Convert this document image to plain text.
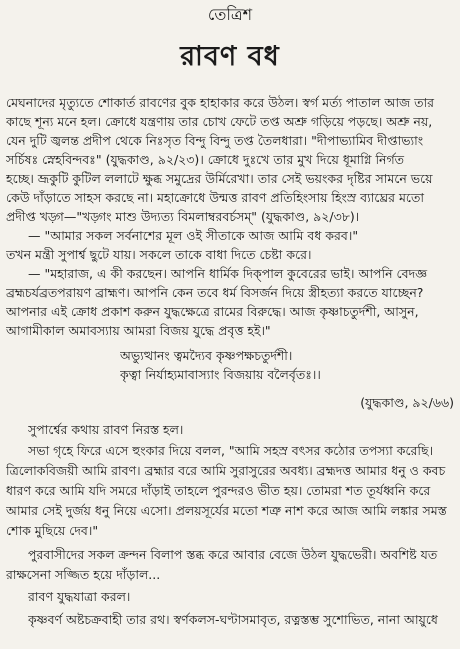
তেত্রিশ
রাবণ বধ
মেঘনাদের মৃত্যুতে শোকার্ত রাবণের বুক হাহাকার করে উঠল। স্বর্গ মর্ত্য পাতাল আজ তার
কাছে শূন্য মনে হল। ক্রোধে যন্ত্রণায় তার চোখ ফেটে তপ্ত অশ্রু গড়িয়ে পড়ছে। অশ্রু নয়,
যেন দুটি জ্বলন্ত প্রদীপ থেকে নিঃসৃত বিন্দু বিন্দু তপ্ত তৈলধারা। "দীপাভ্যামিব দীপ্তাভ্যাং
সর্চিষঃ স্নেহবিন্দবঃ" (যুদ্ধকাণ্ড, ৯২/২৩)। ক্রোধে দুঃখে তার মুখ দিয়ে ধূমাগ্নি নির্গত
হচ্ছে। ভ্রূকুটি কুটিল ললাটে ক্ষুব্ধ সমুদ্রের উর্মিরেখা। তার সেই ভয়ংকর দৃষ্টির সামনে ভয়ে
কেউ দাঁড়াতে সাহস করছে না। মহাক্রোধে উন্মত্ত রাবণ প্রতিহিংসায় হিংস্র ব্যাঘ্রের মতো
প্রদীপ্ত খড়্গ—"খড়্গং মাশু উদ্যত্য বিমলাম্বরবর্চসম্" (যুদ্ধকাণ্ড, ৯২/৩৮)।
— "আমার সকল সর্বনাশের মূল ওই সীতাকে আজ আমি বধ করব।"
তখন মন্ত্রী সুপার্শ্ব ছুটে যায়। সকলে তাকে বাধা দিতে চেষ্টা করে।
— "মহারাজ, এ কী করছেন। আপনি ধার্মিক দিক্‌পাল কুবেরের ভাই। আপনি বেদজ্ঞ
ব্রহ্মচর্যব্রতপরায়ণ ব্রাহ্মণ। আপনি কেন তবে ধর্ম বিসর্জন দিয়ে স্ত্রীহত্যা করতে যাচ্ছেন?
আপনার এই ক্রোধ প্রকাশ করুন যুদ্ধক্ষেত্রে রামের বিরুদ্ধে। আজ কৃষ্ণাচতুর্দশী, আসুন,
আগামীকাল অমাবস্যায় আমরা বিজয় যুদ্ধে প্রবৃত্ত হই।"
অভ্যুত্থানং ত্বমদ্যৈব কৃষ্ণপক্ষচতুর্দশী।
কৃত্বা নির্যাহ্যমাবাস্যাং বিজয়ায় বলৈর্বৃতঃ।।
(যুদ্ধকাণ্ড, ৯২/৬৬)
সুপার্শ্বের কথায় রাবণ নিরস্ত হল।
সভা গৃহে ফিরে এসে হুংকার দিয়ে বলল, "আমি সহস্র বৎসর কঠোর তপস্যা করেছি।
ত্রিলোকবিজয়ী আমি রাবণ। ব্রহ্মার বরে আমি সুরাসুরের অবধ্য। ব্রহ্মদত্ত আমার ধনু ও কবচ
ধারণ করে আমি যদি সমরে দাঁড়াই তাহলে পুরন্দরও ভীত হয়। তোমরা শত তূর্যধ্বনি করে
আমার সেই দুর্জয় ধনু নিয়ে এসো। প্রলয়সূর্যের মতো শত্রু নাশ করে আজ আমি লঙ্কার সমস্ত
শোক মুছিয়ে দেব।"
পুরবাসীদের সকল ক্রন্দন বিলাপ স্তব্ধ করে আবার বেজে উঠল যুদ্ধভেরী। অবশিষ্ট যত
রাক্ষসেনা সজ্জিত হয়ে দাঁড়াল...
রাবণ যুদ্ধযাত্রা করল।
কৃষ্ণবর্ণ অষ্টচক্রবাহী তার রথ। স্বর্ণকলস-ঘণ্টাসমাবৃত, রত্নস্তম্ভ সুশোভিত, নানা আয়ুধে
